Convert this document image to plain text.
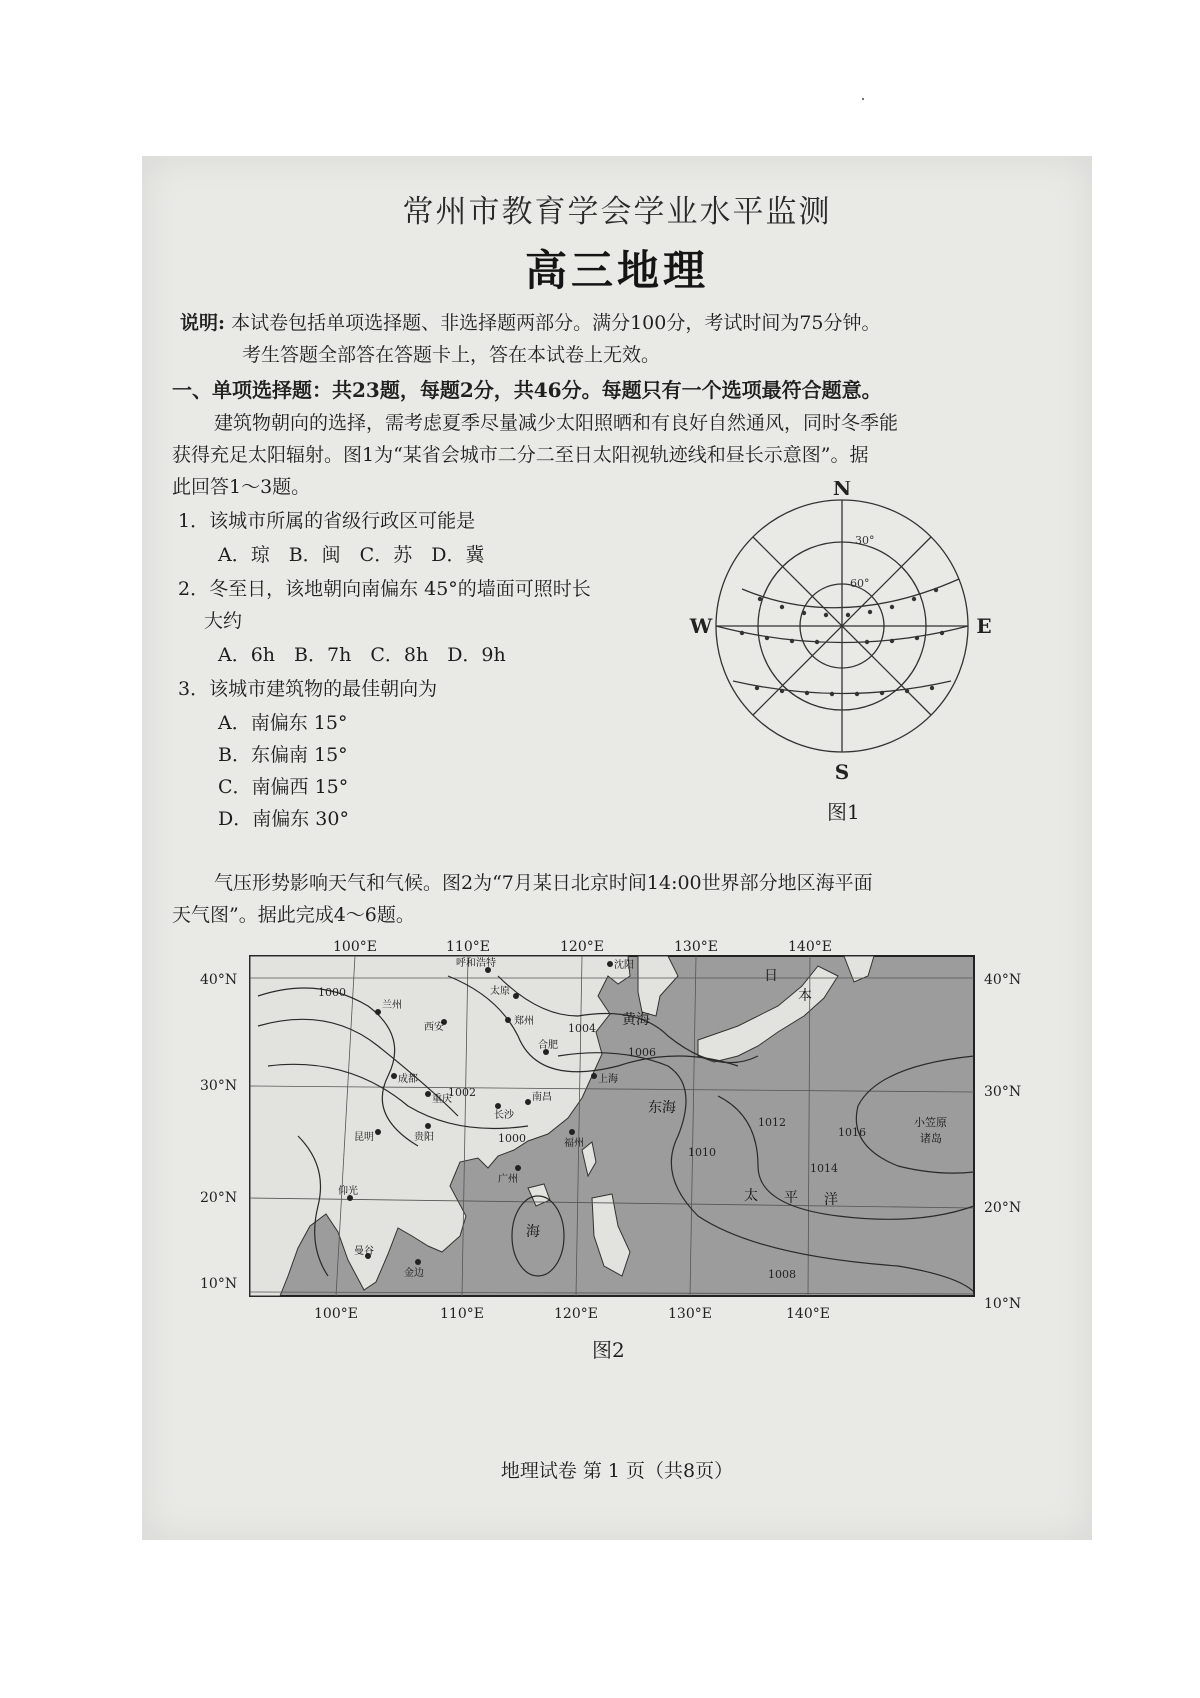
常州市教育学会学业水平监测

高三地理

说明: 本试卷包括单项选择题、非选择题两部分。满分100分，考试时间为75分钟。

考生答题全部答在答题卡上，答在本试卷上无效。

一、单项选择题：共23题，每题2分，共46分。每题只有一个选项最符合题意。

建筑物朝向的选择，需考虑夏季尽量减少太阳照晒和有良好自然通风，同时冬季能

获得充足太阳辐射。图1为“某省会城市二分二至日太阳视轨迹线和昼长示意图”。据

此回答1～3题。

1．该城市所属的省级行政区可能是

A．琼　B．闽　C．苏　D．冀

2．冬至日，该地朝向南偏东 45°的墙面可照时长

大约

A．6h　B．7h　C．8h　D．9h

3．该城市建筑物的最佳朝向为

A．南偏东 15°

B．东偏南 15°

C．南偏西 15°

D．南偏东 30°

N
S
W	E
30°
60°

图1

气压形势影响天气和气候。图2为“7月某日北京时间14:00世界部分地区海平面

天气图”。据此完成4～6题。

100°E	110°E	120°E	130°E	140°E
100°E	110°E	120°E	130°E	140°E
40°N
30°N
20°N
10°N
40°N
30°N
20°N
10°N
1000
1000
1002
1004
1006
1008
1010
1012
1014
1016
呼和浩特
太原
郑州
西安
兰州
成都
重庆
昆明	贵阳
长沙
南昌
福州
广州
合肥
沈阳
上海
仰光
曼谷
金边
日
本
黄海
东海
太 平 洋
海
小笠原
诸岛

图2

地理试卷 第 1 页（共8页）
